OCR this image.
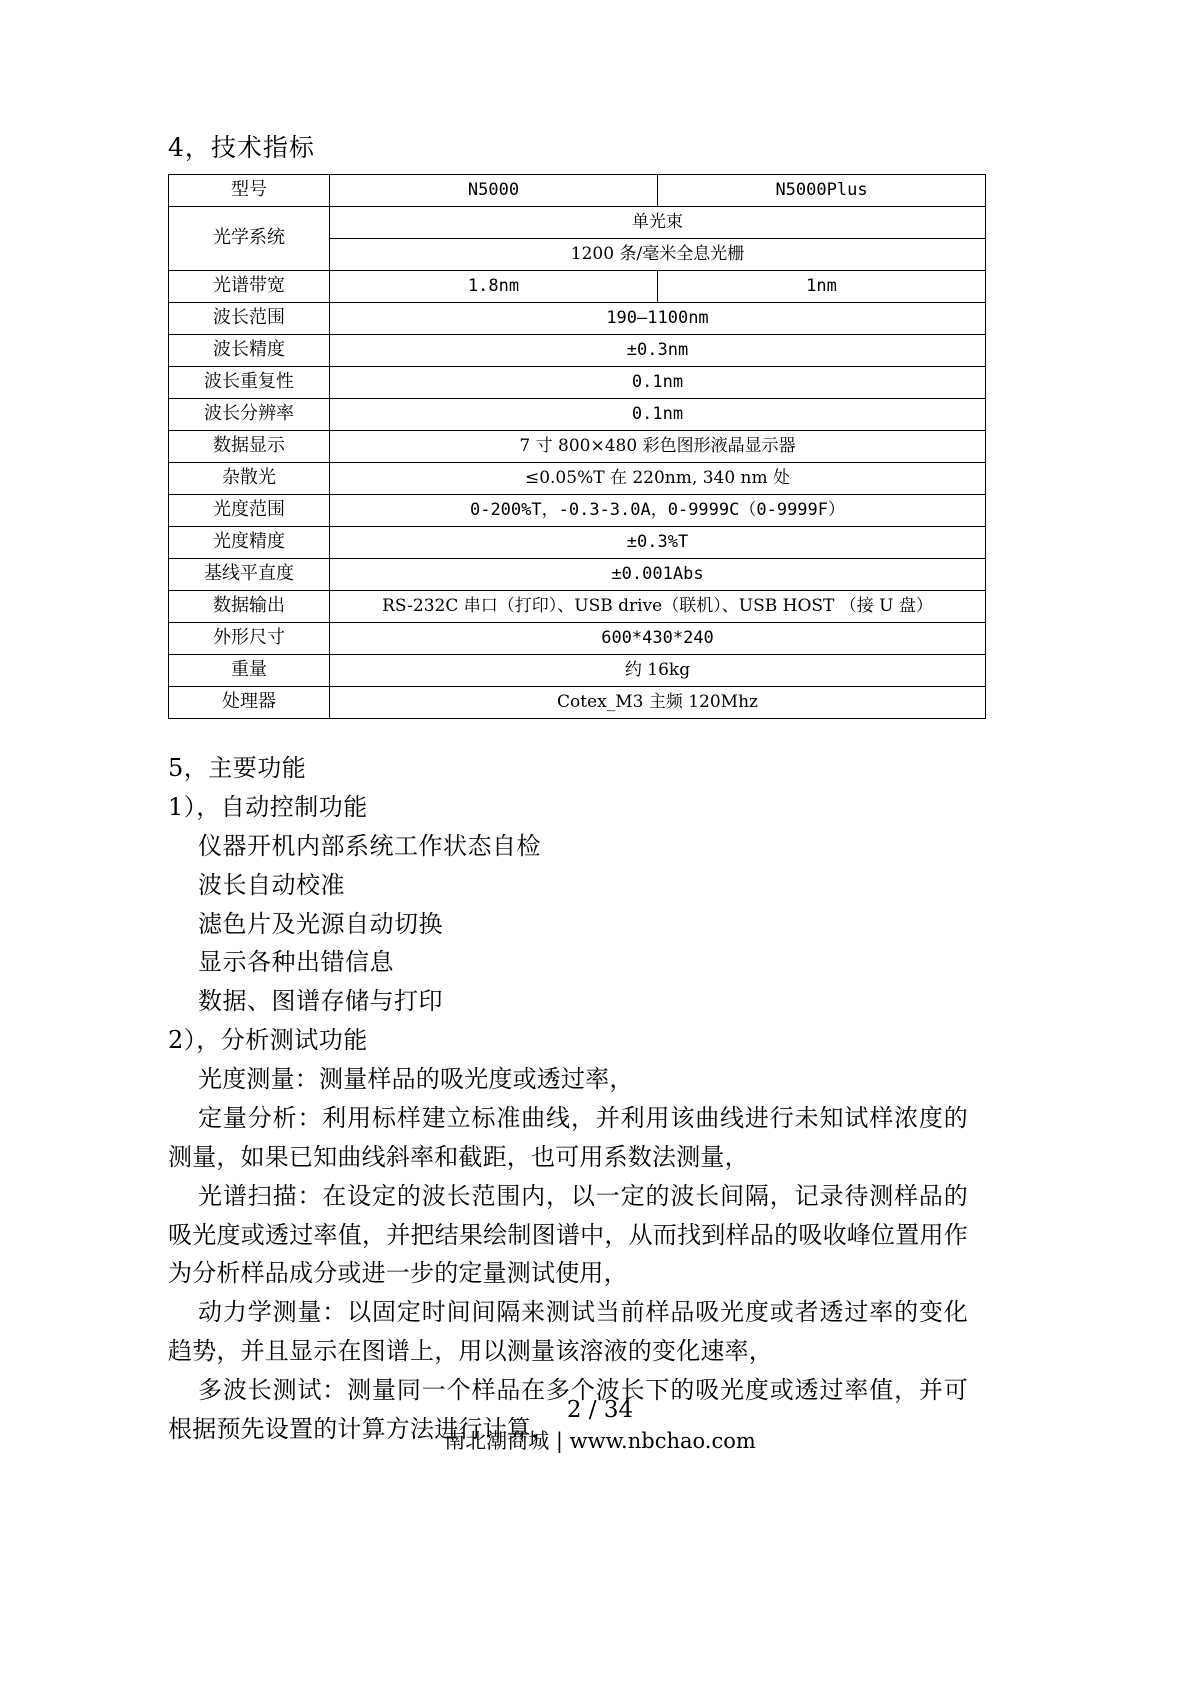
4，技术指标
型号	N5000	N5000Plus
光学系统	单光束	
	1200 条/毫米全息光栅	
光谱带宽	1.8nm	1nm
波长范围	190—1100nm	
波长精度	±0.3nm	
波长重复性	0.1nm	
波长分辨率	0.1nm	
数据显示	7 寸 800×480 彩色图形液晶显示器	
杂散光	≤0.05%T 在 220nm, 340 nm 处	
光度范围	0-200%T，-0.3-3.0A，0-9999C（0-9999F）	
光度精度	±0.3%T	
基线平直度	±0.001Abs	
数据输出	RS-232C 串口（打印）、USB drive（联机）、USB HOST （接 U 盘）	
外形尺寸	600*430*240	
重量	约 16kg	
处理器	Cotex_M3 主频 120Mhz	
5，主要功能
1），自动控制功能
仪器开机内部系统工作状态自检
波长自动校准
滤色片及光源自动切换
显示各种出错信息
数据、图谱存储与打印
2），分析测试功能
光度测量：测量样品的吸光度或透过率，
定量分析：利用标样建立标准曲线，并利用该曲线进行未知试样浓度的测量，如果已知曲线斜率和截距，也可用系数法测量，
光谱扫描：在设定的波长范围内，以一定的波长间隔，记录待测样品的吸光度或透过率值，并把结果绘制图谱中，从而找到样品的吸收峰位置用作为分析样品成分或进一步的定量测试使用，
动力学测量：以固定时间间隔来测试当前样品吸光度或者透过率的变化趋势，并且显示在图谱上，用以测量该溶液的变化速率，
多波长测试：测量同一个样品在多个波长下的吸光度或透过率值，并可根据预先设置的计算方法进行计算，
2 / 34
南北潮商城 | www.nbchao.com
